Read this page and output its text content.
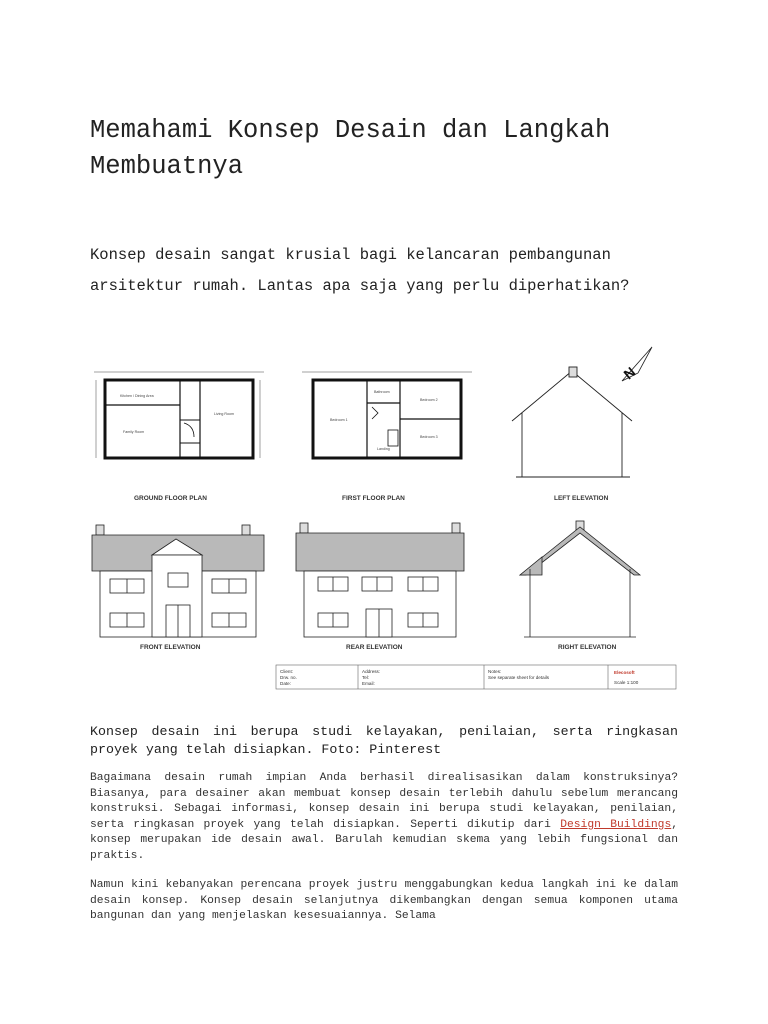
Memahami Konsep Desain dan Langkah Membuatnya

Konsep desain sangat krusial bagi kelancaran pembangunan arsitektur rumah. Lantas apa saja yang perlu diperhatikan?

Kitchen / Dining Area
Family Room
Living Room
GROUND FLOOR PLAN
Bedroom 1
Bathroom
Bedroom 2
Bedroom 3
Landing
FIRST FLOOR PLAN	LEFT ELEVATION
N
FRONT ELEVATION	REAR ELEVATION	RIGHT ELEVATION
Client:
Drw. no.
Date:
Address:
Tel:
Email:
Notes:
See separate sheet for details
Elecosoft
Scale 1:100

Konsep desain ini berupa studi kelayakan, penilaian, serta ringkasan proyek yang telah disiapkan. Foto: Pinterest

Bagaimana desain rumah impian Anda berhasil direalisasikan dalam konstruksinya? Biasanya, para desainer akan membuat konsep desain terlebih dahulu sebelum merancang konstruksi. Sebagai informasi, konsep desain ini berupa studi kelayakan, penilaian, serta ringkasan proyek yang telah disiapkan. Seperti dikutip dari Design Buildings, konsep merupakan ide desain awal. Barulah kemudian skema yang lebih fungsional dan praktis.

Namun kini kebanyakan perencana proyek justru menggabungkan kedua langkah ini ke dalam desain konsep. Konsep desain selanjutnya dikembangkan dengan semua komponen utama bangunan dan yang menjelaskan kesesuaiannya. Selama
